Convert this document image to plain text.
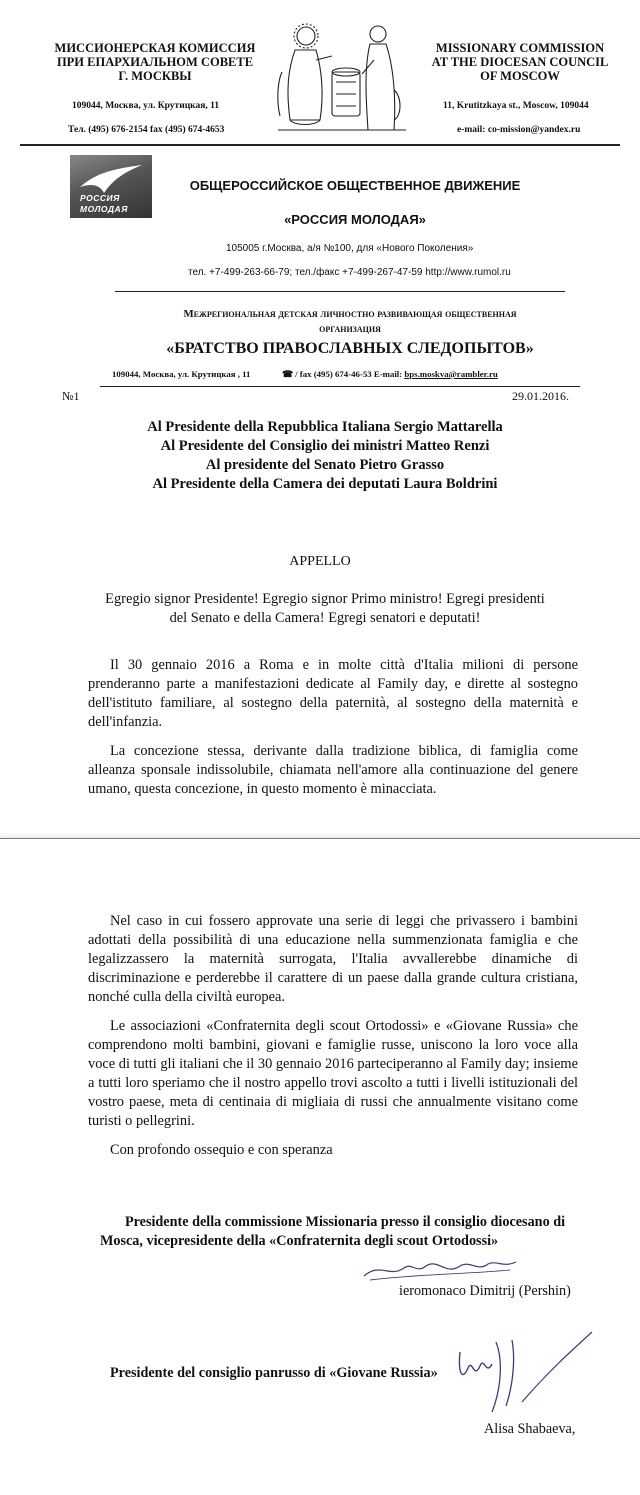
МИССИОНЕРСКАЯ КОМИССИЯ
ПРИ ЕПАРХИАЛЬНОМ СОВЕТЕ
Г. МОСКВЫ
109044, Москва, ул. Крутицкая, 11
Тел. (495) 676-2154 fax (495) 674-4653
MISSIONARY COMMISSION
AT THE DIOCESAN COUNCIL
OF MOSCOW
11, Krutitzkaya st., Moscow, 109044
e-mail: co-mission@yandex.ru
РОССИЯ
МОЛОДАЯ
ОБЩЕРОССИЙСКОЕ ОБЩЕСТВЕННОЕ ДВИЖЕНИЕ
«РОССИЯ МОЛОДАЯ»
105005 г.Москва, а/я №100, для «Нового Поколения»
тел. +7-499-263-66-79; тел./факс +7-499-267-47-59 http://www.rumol.ru
Межрегиональная детская личностно развивающая общественная
организация
«БРАТСТВО ПРАВОСЛАВНЫХ СЛЕДОПЫТОВ»
109044, Москва, ул. Крутицкая , 11	☎ / fax (495) 674-46-53 E-mail: bps.moskva@rambler.ru
№1	29.01.2016.
Al Presidente della Repubblica Italiana Sergio Mattarella
Al Presidente del Consiglio dei ministri Matteo Renzi
Al presidente del Senato Pietro Grasso
Al Presidente della Camera dei deputati Laura Boldrini
APPELLO
Egregio signor Presidente! Egregio signor Primo ministro! Egregi presidenti
del Senato e della Camera! Egregi senatori e deputati!

Il 30 gennaio 2016 a Roma e in molte città d'Italia milioni di persone prenderanno parte a manifestazioni dedicate al Family day, e dirette al sostegno dell'istituto familiare, al sostegno della paternità, al sostegno della maternità e dell'infanzia.

La concezione stessa, derivante dalla tradizione biblica, di famiglia come alleanza sponsale indissolubile, chiamata nell'amore alla continuazione del genere umano, questa concezione, in questo momento è minacciata.

Nel caso in cui fossero approvate una serie di leggi che privassero i bambini adottati della possibilità di una educazione nella summenzionata famiglia e che legalizzassero la maternità surrogata, l'Italia avvallerebbe dinamiche di discriminazione e perderebbe il carattere di un paese dalla grande cultura cristiana, nonché culla della civiltà europea.

Le associazioni «Confraternita degli scout Ortodossi» e «Giovane Russia» che comprendono molti bambini, giovani e famiglie russe, uniscono la loro voce alla voce di tutti gli italiani che il 30 gennaio 2016 parteciperanno al Family day; insieme a tutti loro speriamo che il nostro appello trovi ascolto a tutti i livelli istituzionali del vostro paese, meta di centinaia di migliaia di russi che annualmente visitano come turisti o pellegrini.

Con profondo ossequio e con speranza

Presidente della commissione Missionaria presso il consiglio diocesano di
Mosca, vicepresidente della «Confraternita degli scout Ortodossi»
ieromonaco Dimitrij (Pershin)
Presidente del consiglio panrusso di «Giovane Russia»
Alisa Shabaeva,
